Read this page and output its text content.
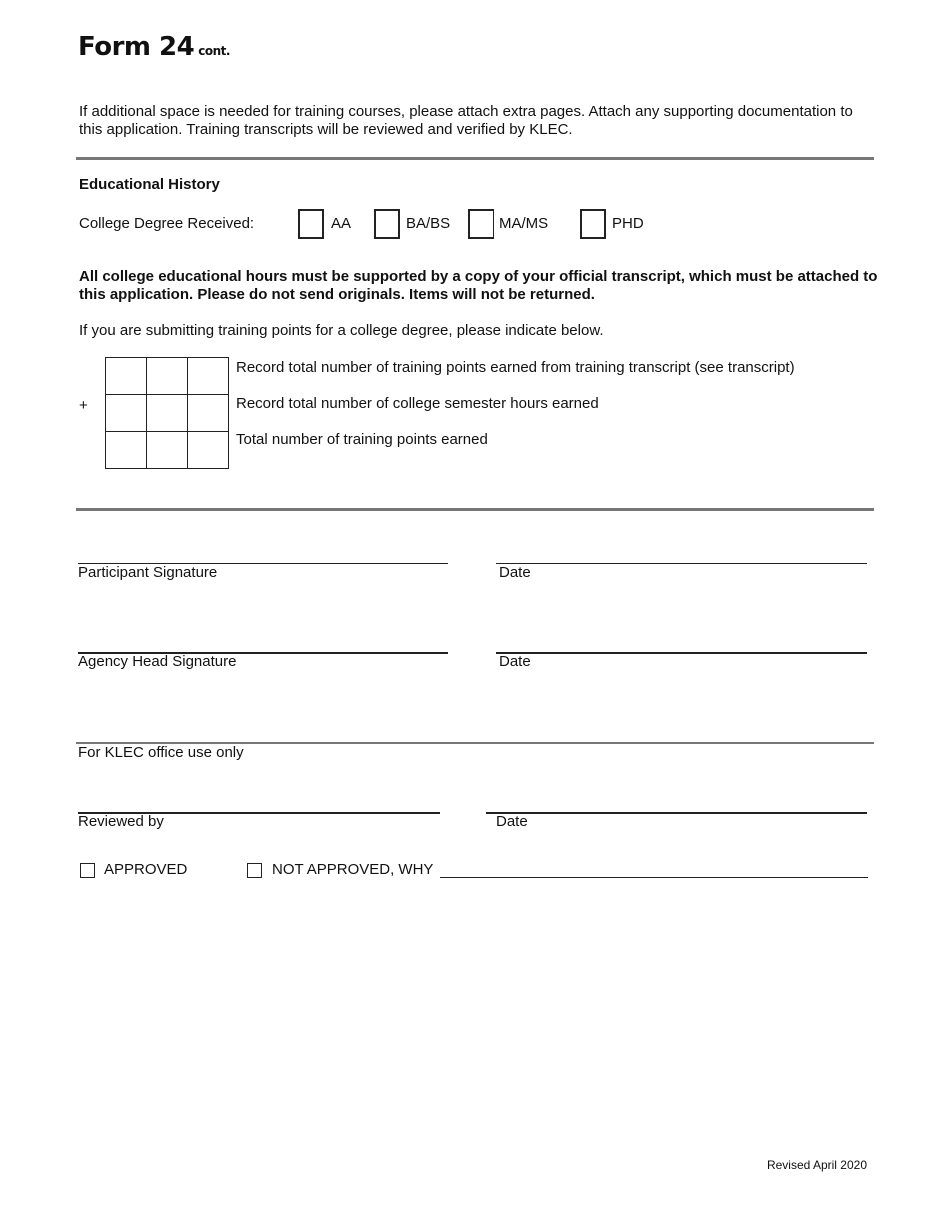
Form 24 cont.
If additional space is needed for training courses, please attach extra pages. Attach any supporting documentation to this application. Training transcripts will be reviewed and verified by KLEC.
Educational History
College Degree Received:	AA	BA/BS	MA/MS	PHD
All college educational hours must be supported by a copy of your official transcript, which must be attached to this application. Please do not send originals. Items will not be returned.
If you are submitting training points for a college degree, please indicate below.

+
Record total number of training points earned from training transcript (see transcript)
Record total number of college semester hours earned
Total number of training points earned
Participant Signature	Date
Agency Head Signature	Date
For KLEC office use only
Reviewed by	Date
APPROVED	NOT APPROVED, WHY
Revised April 2020
